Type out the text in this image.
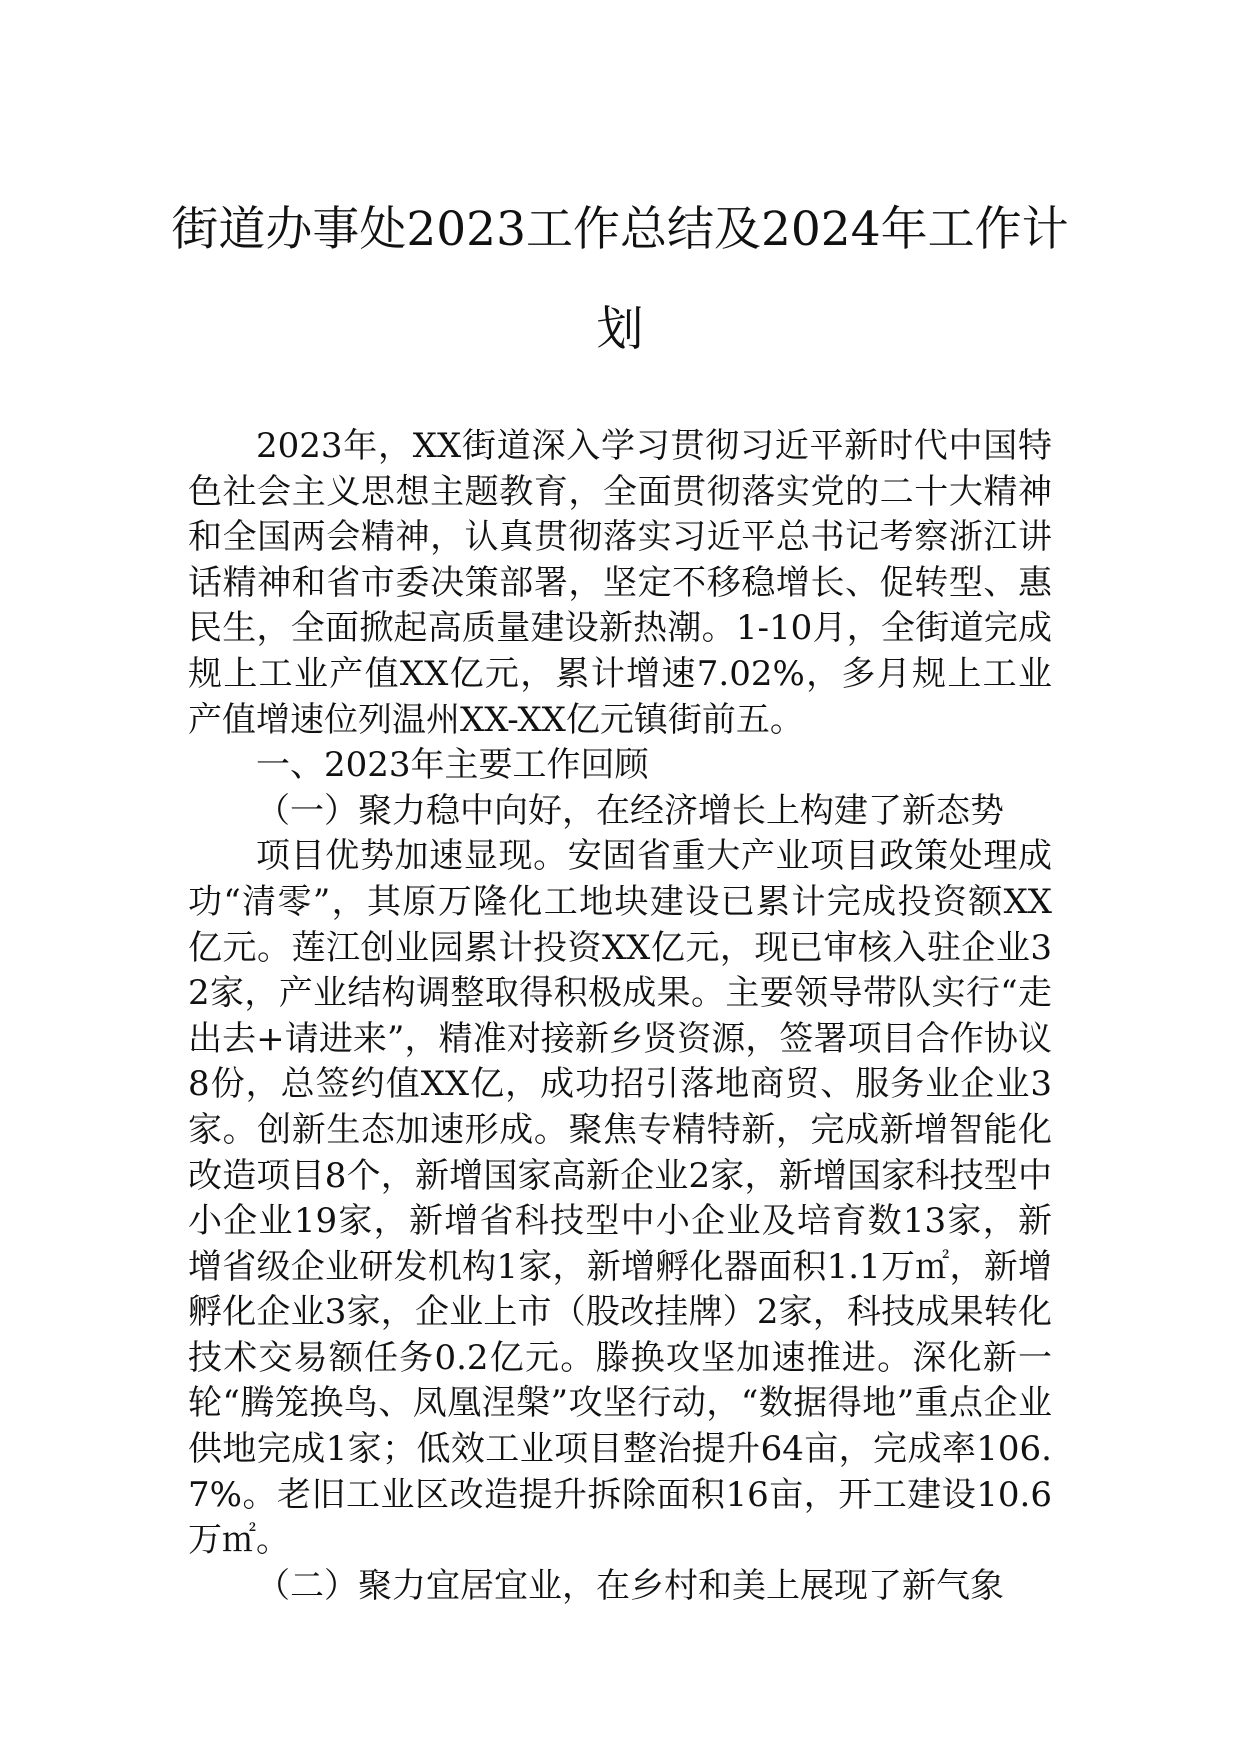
街道办事处2023工作总结及2024年工作计划

2023年，XX街道深入学习贯彻习近平新时代中国特色社会主义思想主题教育，全面贯彻落实党的二十大精神和全国两会精神，认真贯彻落实习近平总书记考察浙江讲话精神和省市委决策部署，坚定不移稳增长、促转型、惠民生，全面掀起高质量建设新热潮。1-10月，全街道完成规上工业产值XX亿元，累计增速7.02%，多月规上工业产值增速位列温州XX-XX亿元镇街前五。

一、2023年主要工作回顾

（一）聚力稳中向好，在经济增长上构建了新态势

项目优势加速显现。安固省重大产业项目政策处理成功“清零”，其原万隆化工地块建设已累计完成投资额XX亿元。莲江创业园累计投资XX亿元，现已审核入驻企业32家，产业结构调整取得积极成果。主要领导带队实行“走出去+请进来”，精准对接新乡贤资源，签署项目合作协议8份，总签约值XX亿，成功招引落地商贸、服务业企业3家。创新生态加速形成。聚焦专精特新，完成新增智能化改造项目8个，新增国家高新企业2家，新增国家科技型中小企业19家，新增省科技型中小企业及培育数13家，新增省级企业研发机构1家，新增孵化器面积1.1万㎡，新增孵化企业3家，企业上市（股改挂牌）2家，科技成果转化技术交易额任务0.2亿元。滕换攻坚加速推进。深化新一轮“腾笼换鸟、凤凰涅槃”攻坚行动，“数据得地”重点企业供地完成1家；低效工业项目整治提升64亩，完成率106.7%。老旧工业区改造提升拆除面积16亩，开工建设10.6万㎡。

（二）聚力宜居宜业，在乡村和美上展现了新气象
